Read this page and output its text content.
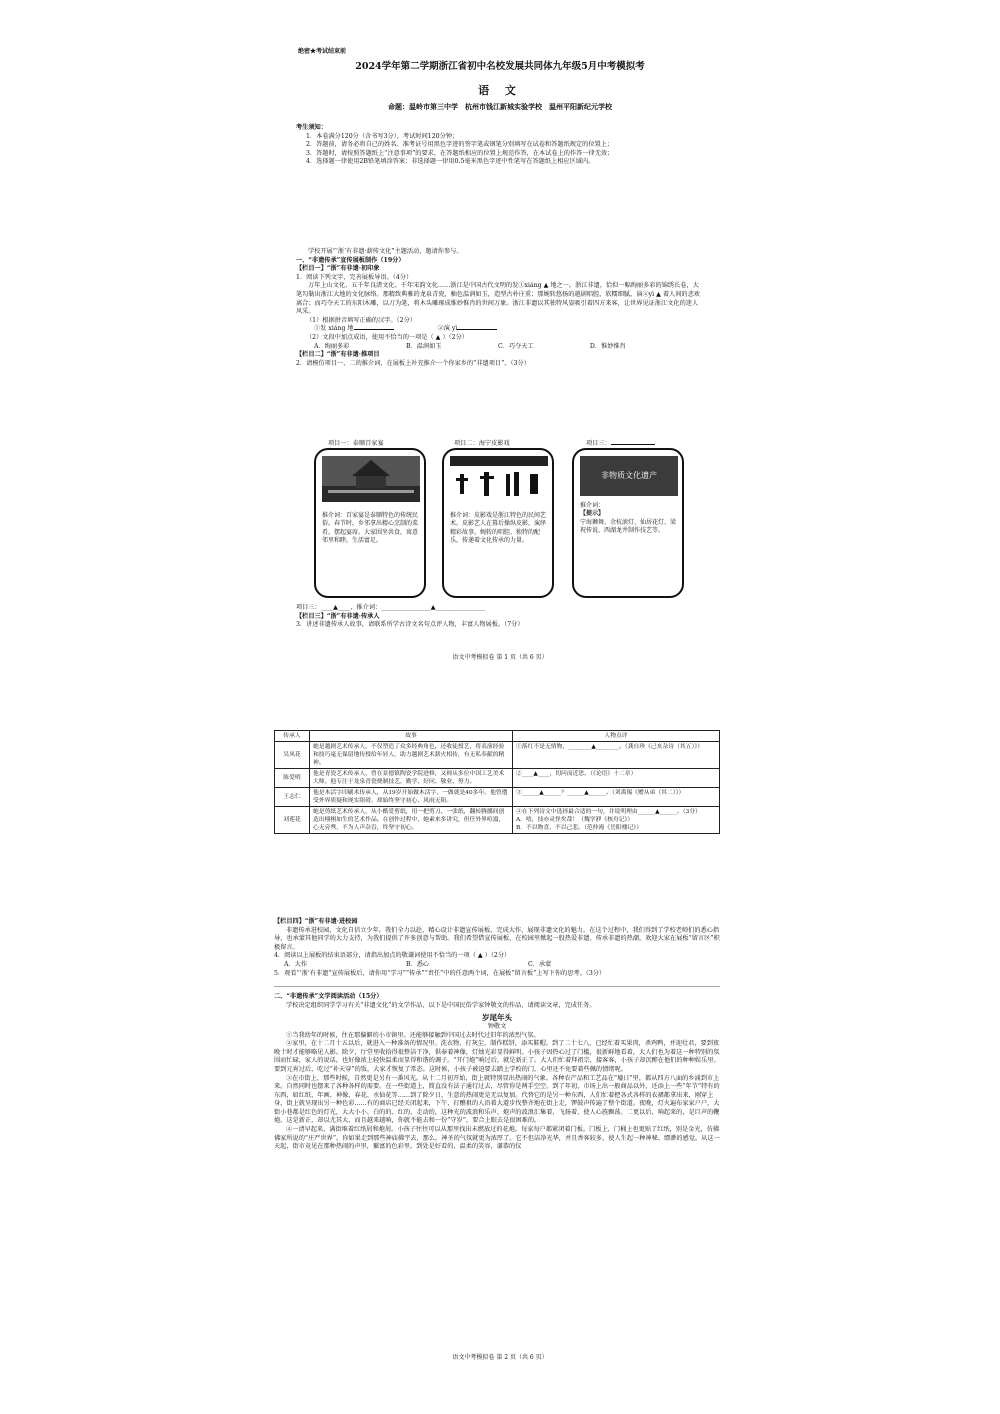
绝密★考试结束前
2024学年第二学期浙江省初中名校发展共同体九年级5月中考模拟考
语 文
命题：温岭市第三中学　杭州市钱江新城实验学校　温州平阳新纪元学校
考生须知：
1．本卷满分120分（含书写3分），考试时间120分钟；
2．答题前，请务必将自己的姓名、准考证号用黑色字迹的签字笔或钢笔分别填写在试卷和答题纸规定的位置上；
3．答题时，请按照答题纸上“注意事项”的要求，在答题纸相应的位置上规范作答，在本试卷上的作答一律无效；
4．选择题一律使用2B铅笔填涂答案；非选择题一律用0.5毫米黑色字迹中性笔写在答题纸上相应区域内。
学校开展“‘浙’有非遗·薪传文化”主题活动，邀请你参与。
一、“非遗传承”宣传展板制作（19分）
【栏目一】“浙”有非遗·初印象
1．阅读下列文字，完善展板导语。（4分）
万年上山文化、五千年良渚文化、千年宋韵文化……浙江是中国古代文明的发①xiáng ▲ 地之一。浙江非遗，恰似一幅绚丽多彩的锦绣长卷，大笔勾勒出浙江大地的文化脉络。那精致典雅的龙泉青瓷，釉色温润如玉，造型古朴庄重；那婉转悠扬的越剧唱腔，软糯细腻，演②yì ▲ 着人间的悲欢离合；而巧夺天工的东阳木雕，以刀为笔，将木头雕琢成惟妙惟肖的世间万象。浙江非遗以其独特风姿吸引着四方来客，让世界见证浙江文化的迷人风采。
（1）根据拼音填写正确的汉字。（2分）
①发 xiáng 地	②演 yì
（2）文段中加点成语，使用不恰当的一项是（ ▲ ）（2分）
A．绚丽多彩	B．温润如玉	C．巧夺天工	D．惟妙惟肖
【栏目二】“浙”有非遗·推项目
2．请模仿项目一、二的推介词，在展板上补充推介一个你家乡的“非遗项目”。（3分）
项目一：泰顺百家宴	项目二：海宁皮影戏	项目三：
推介词：百家宴是泰顺特色的传统民俗。春节时，乡邻拿出精心烹制的菜肴，摆起宴席。大家围坐共食，寓意邻里和睦，生活富足。
推介词：皮影戏是浙江特色的民间艺术。皮影艺人在幕后操纵皮影，演绎精彩故事，婉转的唱腔、独特的配乐，传递着文化传承的力量。
非物质文化遗产
推介词：
【提示】
宁海狮舞、余杭滚灯、仙居花灯、梁祝传说、西湖龙井制作技艺等。
项目三：____▲____，推介词：________________▲________________
【栏目三】“浙”有非遗·传承人
3．讲述非遗传承人故事，请联系所学古诗文名句点评人物，丰富人物展板。（7分）
语文中考模拟卷 第 1 页（共 6 页）
传承人	故事	人物点评
吴凤花	她是越剧艺术传承人，不仅塑造了众多经典角色，还收徒授艺，将表演经验和技巧毫无保留地传授给年轻人，助力越剧艺术薪火相传，有无私奉献的精神。	①落红不是无情物，________▲________。（龚自珍《己亥杂诗（其五）》）
陈爱明	他是青瓷艺术传承人，曾在景德镇陶瓷学院进修，又师从多位中国工艺美术大师。他专注于龙泉青瓷烧制技艺，勤学、好问、敬业、努力。	②____▲____，切问而近思。（《论语》十二章）
王志仁	他是木活字印刷术传承人，从19岁开始做木活字，一做就是40多年。他曾遭受外界质疑和现实阻碍，却始终坚守初心，风雨无阻。	③______▲______？______▲______。（刘禹锡《赠从弟（其二）》）
刘莲花	她是剪纸艺术传承人，从小酷爱剪纸，用一把剪刀、一张纸，翻转腾挪间创造出栩栩如生的艺术作品。在创作过程中，她素来多讲究，但任外界喧嚣，心无旁骛，不为人声杂沓，终坚守初心。	④在下列诗文中选择最合适的一句，并说明理由______▲______。（3分）
A．嘻，技亦灵怪矣哉！（魏学洢《核舟记》）
B．不以物喜，不以己悲。（范仲淹《岳阳楼记》）
【栏目四】“浙”有非遗·进校园
非遗传承进校园，文化自信立少年。我们全力以赴，精心设计非遗宣传展板，完成大作，展现非遗文化的魅力。在这个过程中，我们得到了学校老师们的悉心指导，也承蒙其他同学的大力支持，为我们提供了许多创意与帮助。我们希望借宣传展板，在校园里掀起一股热爱非遗、传承非遗的热潮，欢迎大家在展板“留言区”积极留言。
4．阅读以上展板的结束语部分，请指出加点的敬谦词使用不恰当的一项（ ▲ ）（2分）
A．大作	B．悉心	C．承蒙
5．观看“‘浙’有非遗”宣传展板后，请你用“学习”“传承”“责任”中的任意两个词，在展板“留言板”上写下你的思考。（3分）
二、“非遗传承”文学阅读活动（15分）
学校决定组织同学学习有关“非遗文化”的文学作品，以下是中国民俗学家钟敬文的作品，请阅读文章，完成任务。
岁尾年头
钟敬文
①当我幼年的时候，住在那偏僻的小市镇里。还能够接触到中国过去时代过旧年的浓烈气氛。
②家里，在十二月十五以后，就进入一种准备的情况里。洗衣物，打灰尘，制作糕饼，添买鞋帽。到了二十七八，已经忙着买果肉，杀鸡鸭，并迎灶君，要到夜晚十时才能够略见人影。除夕，厅堂里收拾得很整洁干净，供奉着神像，灯烛光彩显得鲜明。小孩子因热心过了门槛，很新鲜地看着，大人们也为着这一种特别的氛围而忙碌，家人的说话，也好像浓上轻快温柔而显得和谐的调子。“开门炮”响过后，就是新正了。大人们忙着拜祖宗，接客客，小孩子却沉醉在他们的种种娱乐里。要到元宵过后，吃过“补天穿”的饭，大家才恢复了常态。这时候，小孩子被迫要去踏上学校的门，心里还不免要着些佩的情绪呢。
③在市街上，那些时候，自然更是另有一番风光。从十二月初开始，街上就特别显出热闹的气象。各种农产品和工艺品在“墟日”里，都从四方八面的乡涌到市上来。自然同时也摆来了各种各样的需要。在一些街道上，简直没有法子通行过去，尽管你是两手空空。到了年初，市场上出一般商品以外，还添上一些“年节”特有的东西，如红纸、年画、神像、春花、水仙花等……到了除夕日，生意的热闹更是无以复加。代替它的是另一种东西，人们忙着把各式各样的衣裙都拿出来，刚穿上身，街上就呈现出另一种色彩……有的商店已经关闭起来，下午，打醮祖的人沿着大道步伐整齐地在街上走，锣鼓声传遍了整个街道。夜晚，灯火遍布家家户户，大街小巷都是红色的灯光，大大小小、白的的、红的，走动的，这种光的波浪和乐声、炮声的波浪汇集着，飞扬着，使人心旌飘荡。二更以后，响起来的，是巨声的鞭炮。这是新正，却以尤其大，而且越来越响，你就不能去和一份“守岁”，要合上眼去是很困难的。
④一清早起来，满街堆着红纸屑和炮屑。小孩子往往可以从那里找出未燃放过的花炮。每家每户都紧闭着门板。门板上，门桶上也更贴了红纸，别是金光，仿佛佛家所说的“庄严世界”。你如果走到那些神庙佛宇去，那么，神圣的气氛就更为浓厚了。它不但洁净光华，并且香客较多，使人生起一种神秘、缥渺的感觉。从这一天起，街市竟见在那种热闹的声里，繁富的色彩里。到处是好看的，温柔的笑容，谦恭的仪
语文中考模拟卷 第 2 页（共 6 页）
